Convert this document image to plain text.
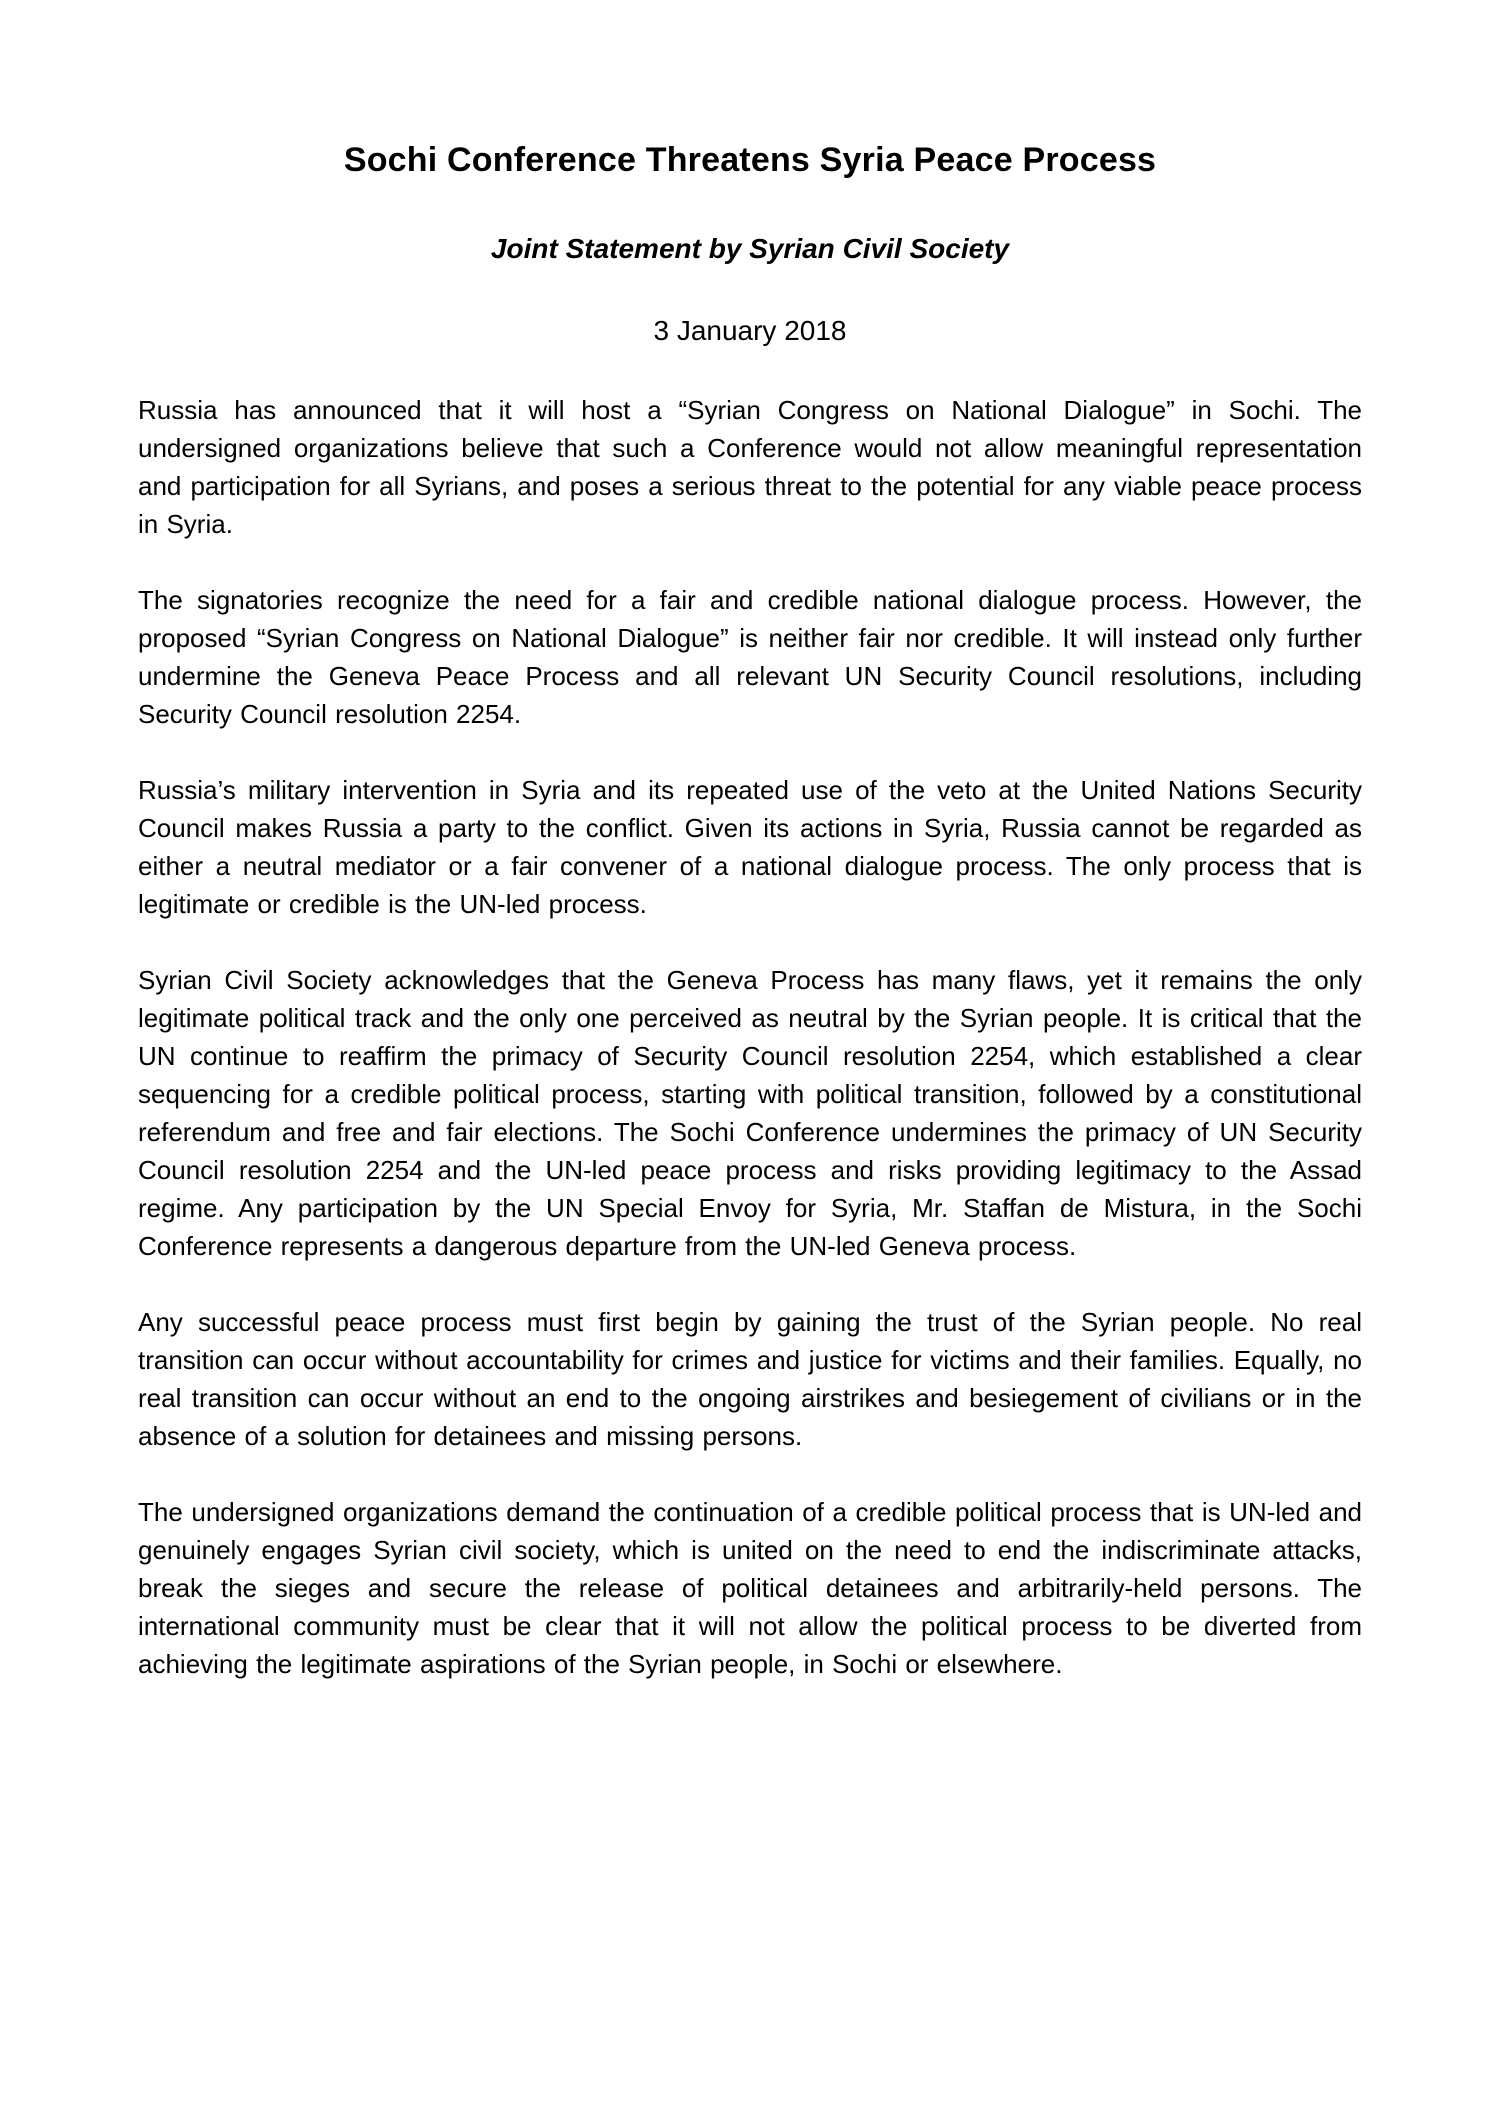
Sochi Conference Threatens Syria Peace Process
Joint Statement by Syrian Civil Society
3 January 2018

Russia has announced that it will host a “Syrian Congress on National Dialogue” in Sochi. The undersigned organizations believe that such a Conference would not allow meaningful representation and participation for all Syrians, and poses a serious threat to the potential for any viable peace process in Syria.

The signatories recognize the need for a fair and credible national dialogue process. However, the proposed “Syrian Congress on National Dialogue” is neither fair nor credible. It will instead only further undermine the Geneva Peace Process and all relevant UN Security Council resolutions, including Security Council resolution 2254.

Russia’s military intervention in Syria and its repeated use of the veto at the United Nations Security Council makes Russia a party to the conflict. Given its actions in Syria, Russia cannot be regarded as either a neutral mediator or a fair convener of a national dialogue process. The only process that is legitimate or credible is the UN-led process.

Syrian Civil Society acknowledges that the Geneva Process has many flaws, yet it remains the only legitimate political track and the only one perceived as neutral by the Syrian people. It is critical that the UN continue to reaffirm the primacy of Security Council resolution 2254, which established a clear sequencing for a credible political process, starting with political transition, followed by a constitutional referendum and free and fair elections. The Sochi Conference undermines the primacy of UN Security Council resolution 2254 and the UN-led peace process and risks providing legitimacy to the Assad regime. Any participation by the UN Special Envoy for Syria, Mr. Staffan de Mistura, in the Sochi Conference represents a dangerous departure from the UN-led Geneva process.

Any successful peace process must first begin by gaining the trust of the Syrian people. No real transition can occur without accountability for crimes and justice for victims and their families. Equally, no real transition can occur without an end to the ongoing airstrikes and besiegement of civilians or in the absence of a solution for detainees and missing persons.

The undersigned organizations demand the continuation of a credible political process that is UN-led and genuinely engages Syrian civil society, which is united on the need to end the indiscriminate attacks, break the sieges and secure the release of political detainees and arbitrarily-held persons. The international community must be clear that it will not allow the political process to be diverted from achieving the legitimate aspirations of the Syrian people, in Sochi or elsewhere.
